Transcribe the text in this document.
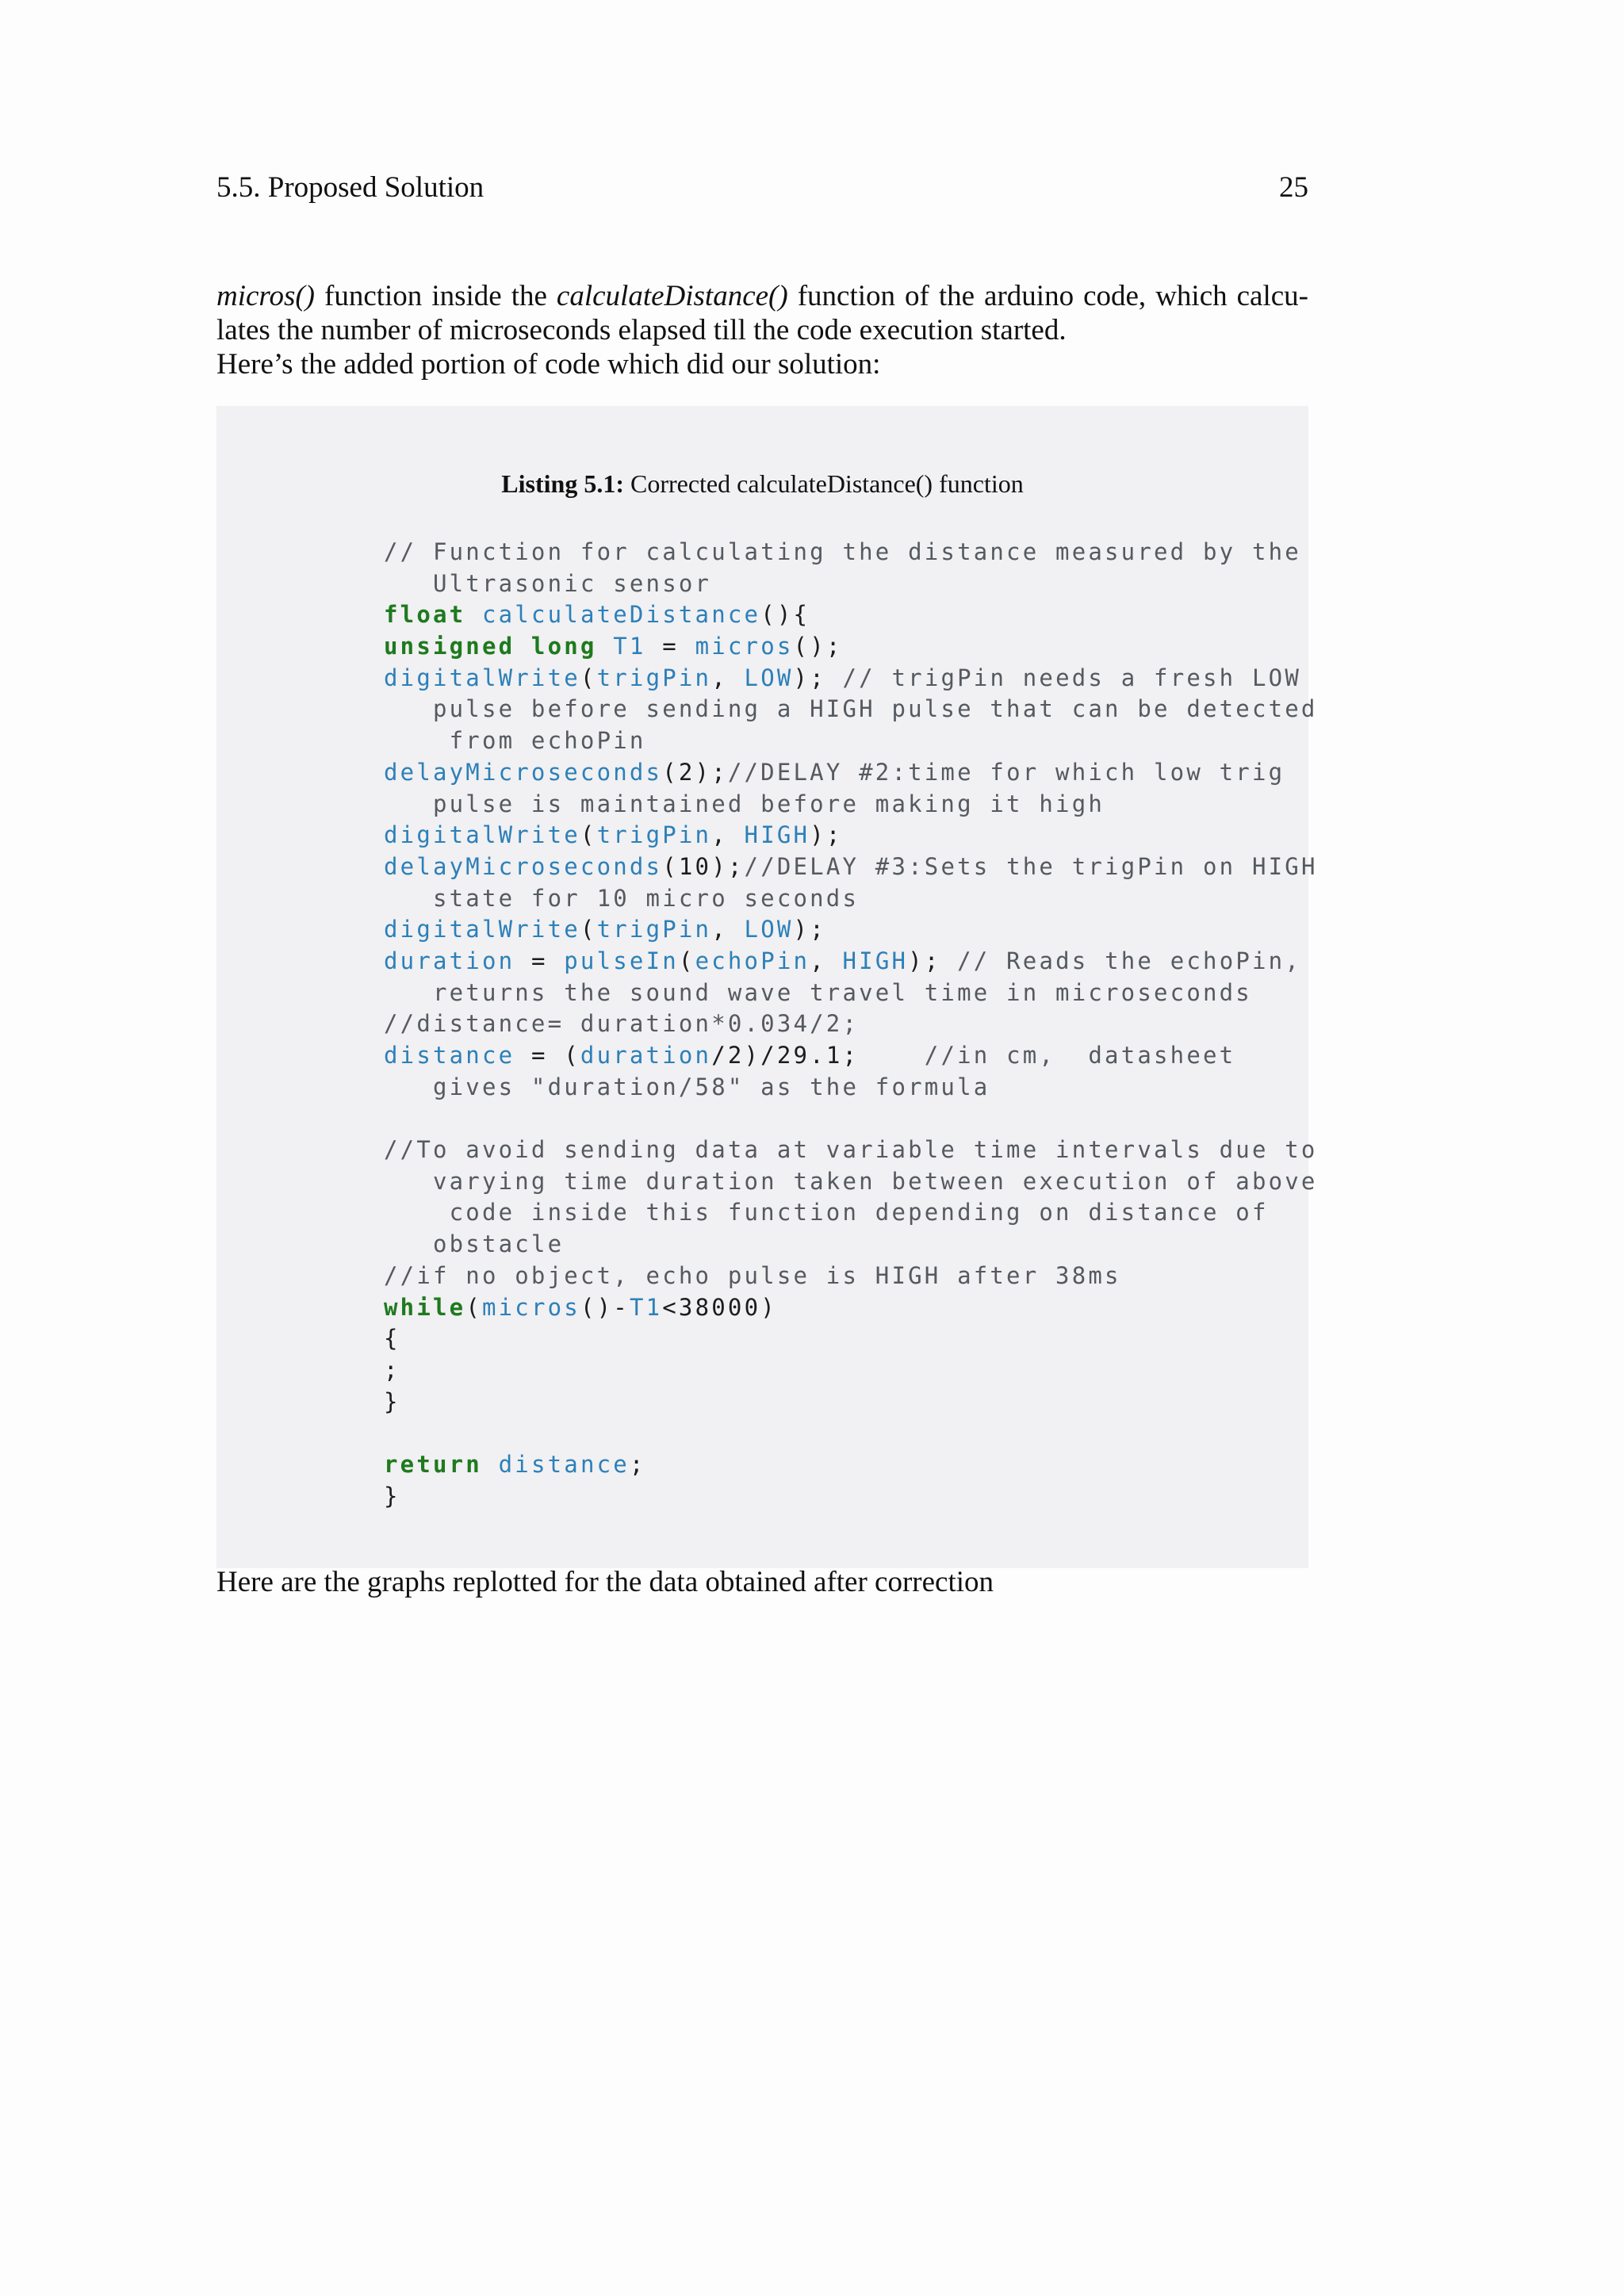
5.5. Proposed Solution	25
micros() function inside the calculateDistance() function of the arduino code, which calcu-
lates the number of microseconds elapsed till the code execution started.
Here’s the added portion of code which did our solution:
Listing 5.1: Corrected calculateDistance() function
// Function for calculating the distance measured by the
Ultrasonic sensor
float calculateDistance(){
unsigned long T1 = micros();
digitalWrite(trigPin, LOW); // trigPin needs a fresh LOW
pulse before sending a HIGH pulse that can be detected
from echoPin
delayMicroseconds(2);//DELAY #2:time for which low trig
pulse is maintained before making it high
digitalWrite(trigPin, HIGH);
delayMicroseconds(10);//DELAY #3:Sets the trigPin on HIGH
state for 10 micro seconds
digitalWrite(trigPin, LOW);
duration = pulseIn(echoPin, HIGH); // Reads the echoPin,
returns the sound wave travel time in microseconds
//distance= duration*0.034/2;
distance = (duration/2)/29.1;    //in cm,  datasheet
gives "duration/58" as the formula
//To avoid sending data at variable time intervals due to
varying time duration taken between execution of above
code inside this function depending on distance of
obstacle
//if no object, echo pulse is HIGH after 38ms
while(micros()-T1<38000)
{
;
}
return distance;
}
Here are the graphs replotted for the data obtained after correction
